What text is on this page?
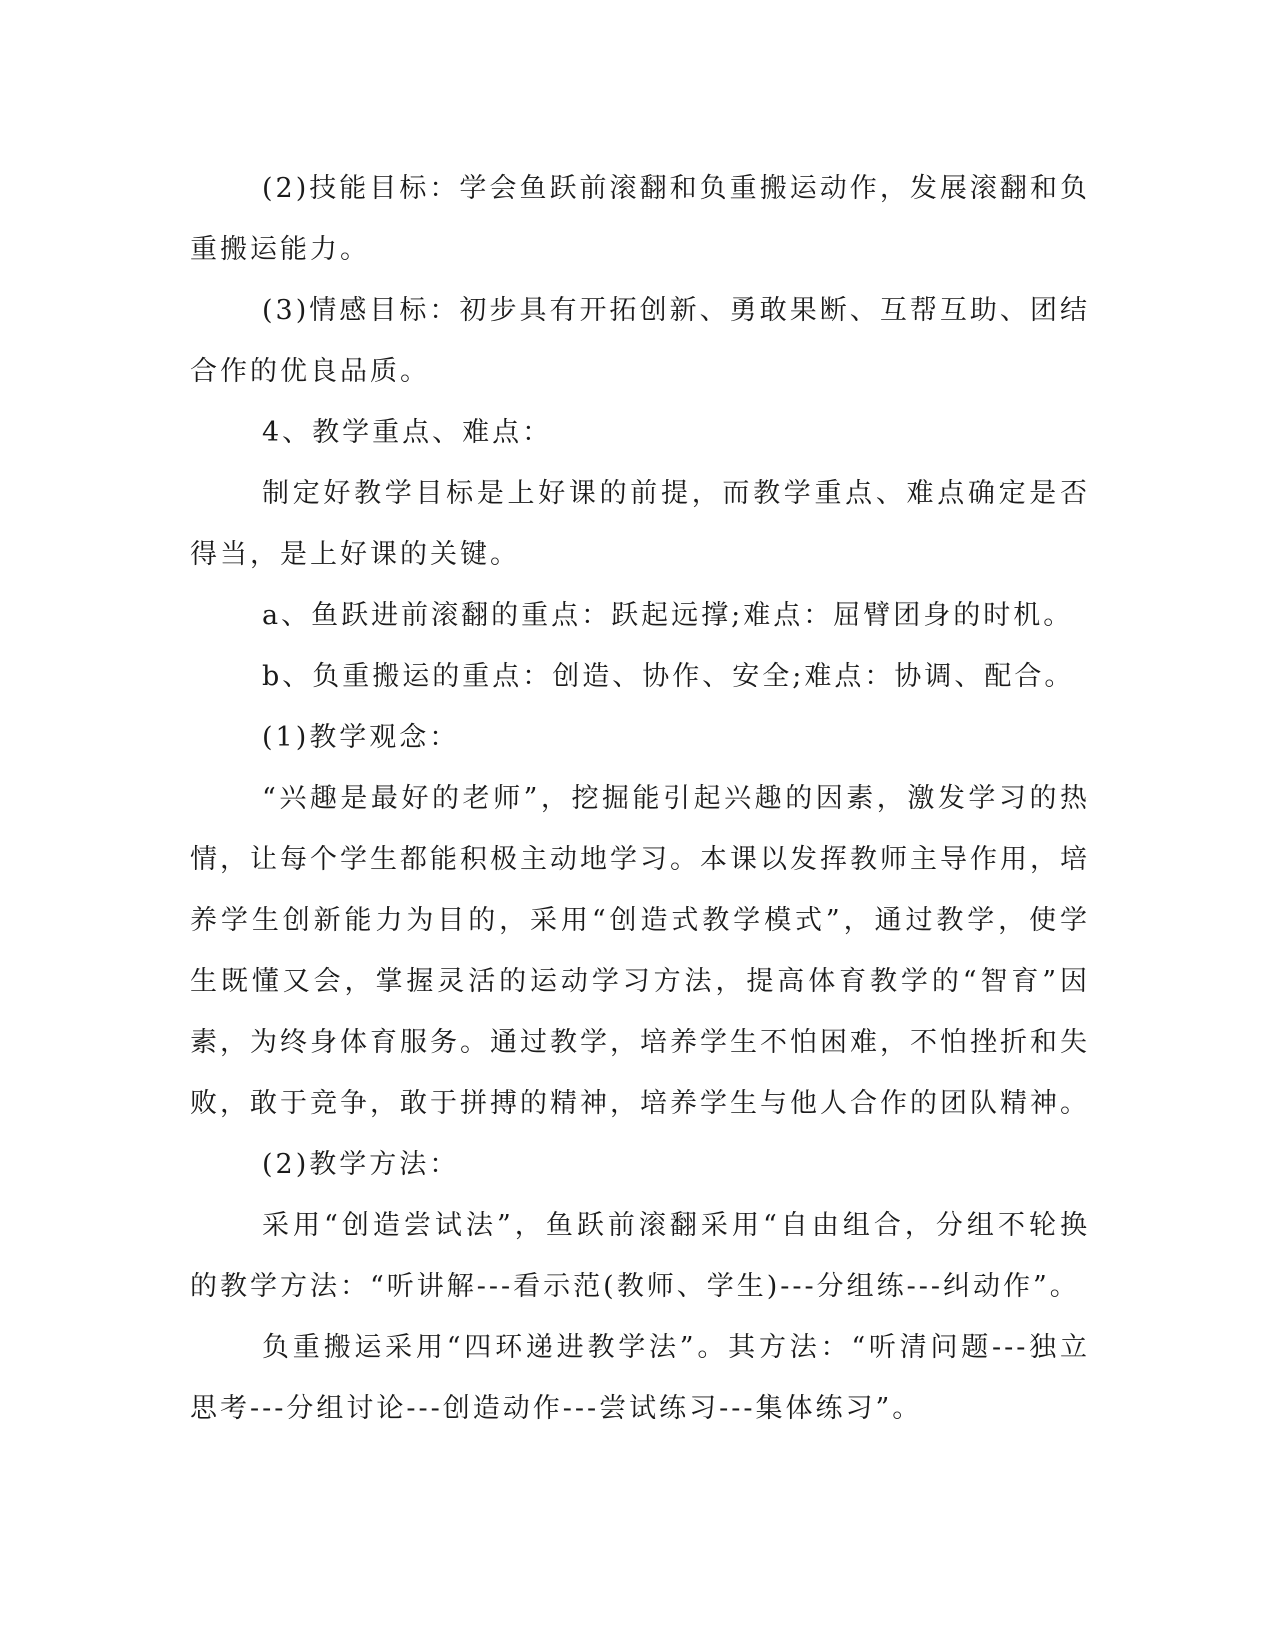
(2)技能目标：学会鱼跃前滚翻和负重搬运动作，发展滚翻和负重搬运能力。

(3)情感目标：初步具有开拓创新、勇敢果断、互帮互助、团结合作的优良品质。

4、教学重点、难点：

制定好教学目标是上好课的前提，而教学重点、难点确定是否得当，是上好课的关键。

a、鱼跃进前滚翻的重点：跃起远撑;难点：屈臂团身的时机。

b、负重搬运的重点：创造、协作、安全;难点：协调、配合。

(1)教学观念：

“兴趣是最好的老师”，挖掘能引起兴趣的因素，激发学习的热情，让每个学生都能积极主动地学习。本课以发挥教师主导作用，培养学生创新能力为目的，采用“创造式教学模式”，通过教学，使学生既懂又会，掌握灵活的运动学习方法，提高体育教学的“智育”因素，为终身体育服务。通过教学，培养学生不怕困难，不怕挫折和失败，敢于竞争，敢于拼搏的精神，培养学生与他人合作的团队精神。

(2)教学方法：

采用“创造尝试法”，鱼跃前滚翻采用“自由组合，分组不轮换的教学方法：“听讲解---看示范(教师、学生)---分组练---纠动作”。

负重搬运采用“四环递进教学法”。其方法：“听清问题---独立思考---分组讨论---创造动作---尝试练习---集体练习”。
